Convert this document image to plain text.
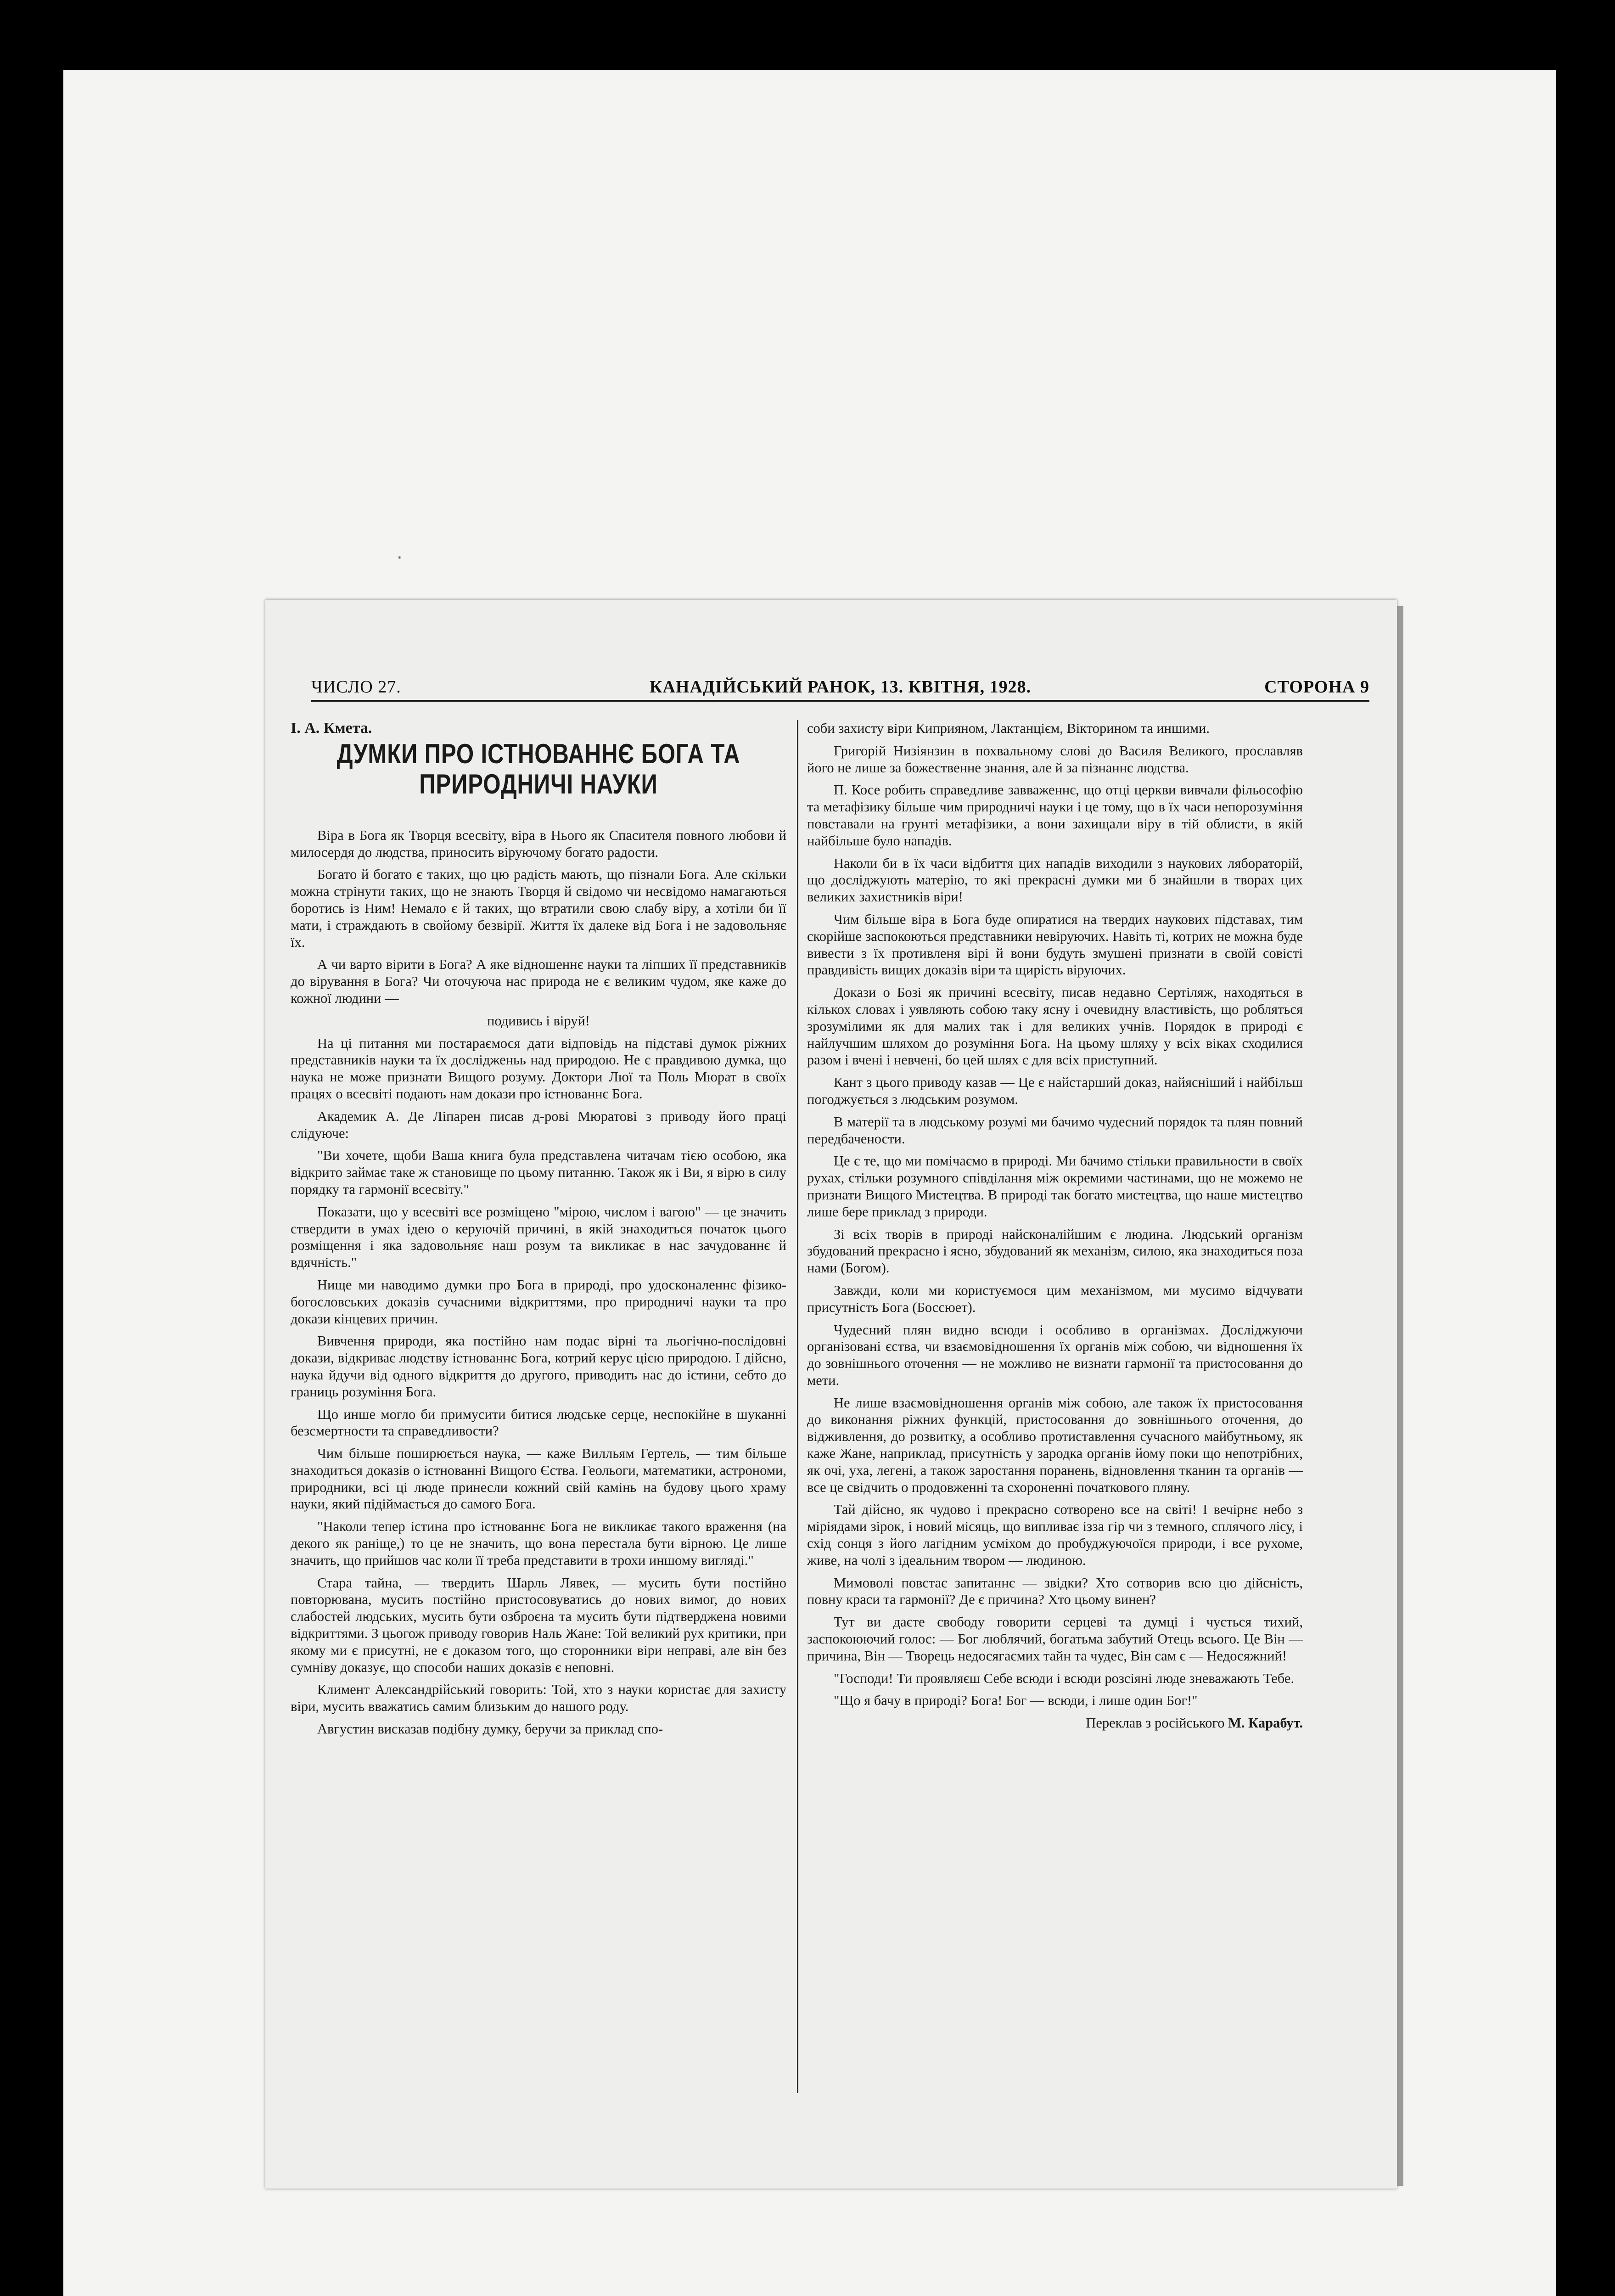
·
ЧИСЛО 27.	КАНАДІЙСЬКИЙ РАНОК, 13. КВІТНЯ, 1928.	СТОРОНА 9
І. А. Кмета.
ДУМКИ ПРО ІСТНОВАННЄ БОГА ТА ПРИРОДНИЧІ НАУКИ

Віра в Бога як Творця всесвіту, віра в Нього як Спасителя повного любови й милосердя до людства, приносить віруючому богато радости.

Богато й богато є таких, що цю радість мають, що пізнали Бога. Але скільки можна стрінути таких, що не знають Творця й свідомо чи несвідомо намагаються боротись із Ним! Немало є й таких, що втратили свою слабу віру, а хотіли би її мати, і страждають в свойому безвірії. Життя їх далеке від Бога і не задовольняє їх.

А чи варто вірити в Бога? А яке відношеннє науки та ліпших її представників до вірування в Бога? Чи оточуюча нас природа не є великим чудом, яке каже до кожної людини —

подивись і віруй!

На ці питання ми постараємося дати відповідь на підставі думок ріжних представників науки та їх дослідженьь над природою. Не є правдивою думка, що наука не може признати Вищого розуму. Доктори Люї та Поль Мюрат в своїх працях о всесвіті подають нам докази про істнованнє Бога.

Академик А. Де Ліпарен писав д-рові Мюратові з приводу його праці слідуюче:

"Ви хочете, щоби Ваша книга була представлена читачам тією особою, яка відкрито займає таке ж становище по цьому питанню. Також як і Ви, я вірю в силу порядку та гармонії всесвіту."

Показати, що у всесвіті все розміщено "мірою, числом і вагою" — це значить ствердити в умах ідею о керуючій причині, в якій знаходиться початок цього розміщення і яка задовольняє наш розум та викликає в нас зачудованнє й вдячність."

Нище ми наводимо думки про Бога в природі, про удосконаленнє фізико-богословських доказів сучасними відкриттями, про природничі науки та про докази кінцевих причин.

Вивчення природи, яка постійно нам подає вірні та льогічно-послідовні докази, відкриває людству істнованнє Бога, котрий керує цією природою. І дійсно, наука йдучи від одного відкриття до другого, приводить нас до істини, себто до границь розуміння Бога.

Що инше могло би примусити битися людське серце, неспокійне в шуканні безсмертности та справедливости?

Чим більше поширюється наука, — каже Вилльям Гертель, — тим більше знаходиться доказів о істнованні Вищого Єства. Геольоги, математики, астрономи, природники, всі ці люде принесли кожний свій камінь на будову цього храму науки, який підіймається до самого Бога.

"Наколи тепер істина про істнованнє Бога не викликає такого враження (на декого як раніще,) то це не значить, що вона перестала бути вірною. Це лише значить, що прийшов час коли її треба представити в трохи иншому вигляді."

Стара тайна, — твердить Шарль Лявек, — мусить бути постійно повторювана, мусить постійно пристосовуватись до нових вимог, до нових слабостей людських, мусить бути озброєна та мусить бути підтверджена новими відкриттями. З цьогож приводу говорив Наль Жане: Той великий рух критики, при якому ми є присутні, не є доказом того, що сторонники віри неправі, але він без сумніву доказує, що способи наших доказів є неповні.

Климент Александрійський говорить: Той, хто з науки користає для захисту віри, мусить вважатись самим близьким до нашого роду.

Августин висказав подібну думку, беручи за приклад спо-

соби захисту віри Киприяном, Лактанцієм, Вікторином та иншими.

Григорій Низіянзин в похвальному слові до Василя Великого, прославляв його не лише за божественне знання, але й за пізнаннє людства.

П. Косе робить справедливе завваженнє, що отці церкви вивчали фільософію та метафізику більше чим природничі науки і це тому, що в їх часи непорозуміння повставали на грунті метафізики, а вони захищали віру в тій облисти, в якій найбільше було нападів.

Наколи би в їх часи відбиття цих нападів виходили з наукових лябораторій, що досліджують матерію, то які прекрасні думки ми б знайшли в творах цих великих захистників віри!

Чим більше віра в Бога буде опиратися на твердих наукових підставах, тим скорійше заспокоються представники невіруючих. Навіть ті, котрих не можна буде вивести з їх противленя вірі й вони будуть змушені признати в своїй совісті правдивість вищих доказів віри та щирість віруючих.

Докази о Бозі як причині всесвіту, писав недавно Сертіляж, находяться в кількох словах і уявляють собою таку ясну і очевидну властивість, що робляться зрозумілими як для малих так і для великих учнів. Порядок в природі є найлучшим шляхом до розуміння Бога. На цьому шляху у всіх віках сходилися разом і вчені і невчені, бо цей шлях є для всіх приступний.

Кант з цього приводу казав — Це є найстарший доказ, найясніший і найбільш погоджується з людським розумом.

В матерії та в людському розумі ми бачимо чудесний порядок та плян повний передбачености.

Це є те, що ми помічаємо в природі. Ми бачимо стільки правильности в своїх рухах, стільки розумного співділання між окремими частинами, що не можемо не признати Вищого Мистецтва. В природі так богато мистецтва, що наше мистецтво лише бере приклад з природи.

Зі всіх творів в природі найсконалійшим є людина. Людський організм збудований прекрасно і ясно, збудований як механізм, силою, яка знаходиться поза нами (Богом).

Завжди, коли ми користуємося цим механізмом, ми мусимо відчувати присутність Бога (Боссюет).

Чудесний плян видно всюди і особливо в організмах. Досліджуючи організовані єства, чи взаємовідношення їх органів між собою, чи відношення їх до зовнішнього оточення — не можливо не визнати гармонії та пристосовання до мети.

Не лише взаємовідношення органів між собою, але також їх пристосовання до виконання ріжних функцій, пристосовання до зовнішнього оточення, до відживлення, до розвитку, а особливо протиставлення сучасного майбутньому, як каже Жане, наприклад, присутність у зародка органів йому поки що непотрібних, як очі, уха, легені, а також заростання поранень, відновлення тканин та органів — все це свідчить о продовженні та схороненні початкового пляну.

Тай дійсно, як чудово і прекрасно сотворено все на світі! І вечірнє небо з міріядами зірок, і новий місяць, що випливає ізза гір чи з темного, сплячого лісу, і схід сонця з його лагідним усміхом до пробуджуючоїся природи, і все рухоме, живе, на чолі з ідеальним твором — людиною.

Мимоволі повстає запитаннє — звідки? Хто сотворив всю цю дійсність, повну краси та гармонії? Де є причина? Хто цьому винен?

Тут ви даєте свободу говорити серцеві та думці і чується тихий, заспокоюючий голос: — Бог люблячий, богатьма забутий Отець всього. Це Він — причина, Він — Творець недосягаємих тайн та чудес, Він сам є — Недосяжний!

"Господи! Ти проявляєш Себе всюди і всюди розсіяні люде зневажають Тебе.

"Що я бачу в природі? Бога! Бог — всюди, і лише один Бог!"

Переклав з російського М. Карабут.
